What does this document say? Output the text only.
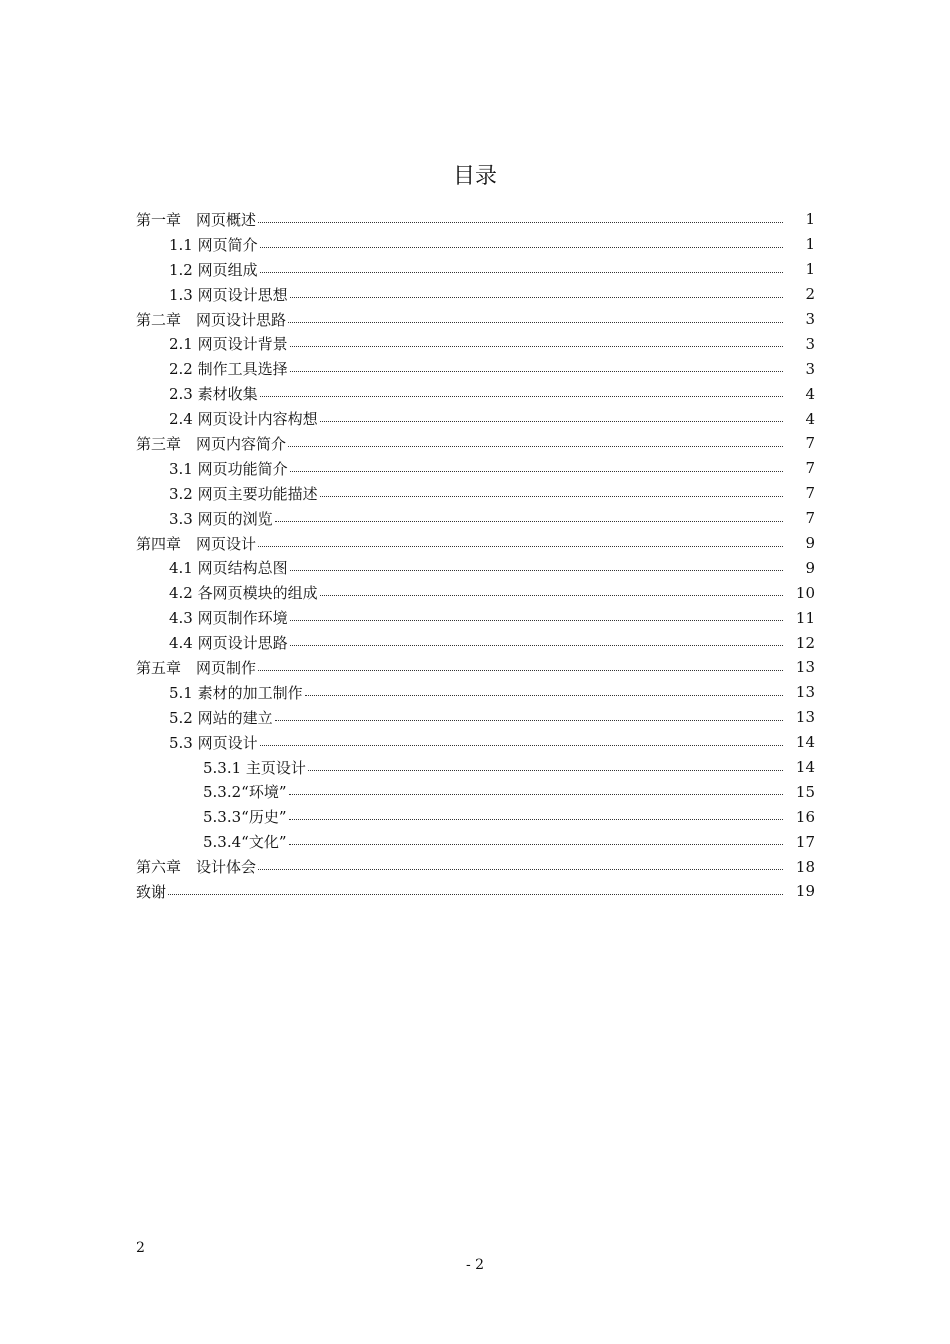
目录
第一章　网页概述	1
1.1 网页简介	1
1.2 网页组成	1
1.3 网页设计思想	2
第二章　网页设计思路	3
2.1 网页设计背景	3
2.2 制作工具选择	3
2.3 素材收集	4
2.4 网页设计内容构想	4
第三章　网页内容简介	7
3.1 网页功能简介	7
3.2 网页主要功能描述	7
3.3 网页的浏览	7
第四章　网页设计	9
4.1 网页结构总图	9
4.2 各网页模块的组成	10
4.3 网页制作环境	11
4.4 网页设计思路	12
第五章　网页制作	13
5.1 素材的加工制作	13
5.2 网站的建立	13
5.3 网页设计	14
5.3.1 主页设计	14
5.3.2“环境”	15
5.3.3“历史”	16
5.3.4“文化”	17
第六章　设计体会	18
致谢	19
2
- 2
